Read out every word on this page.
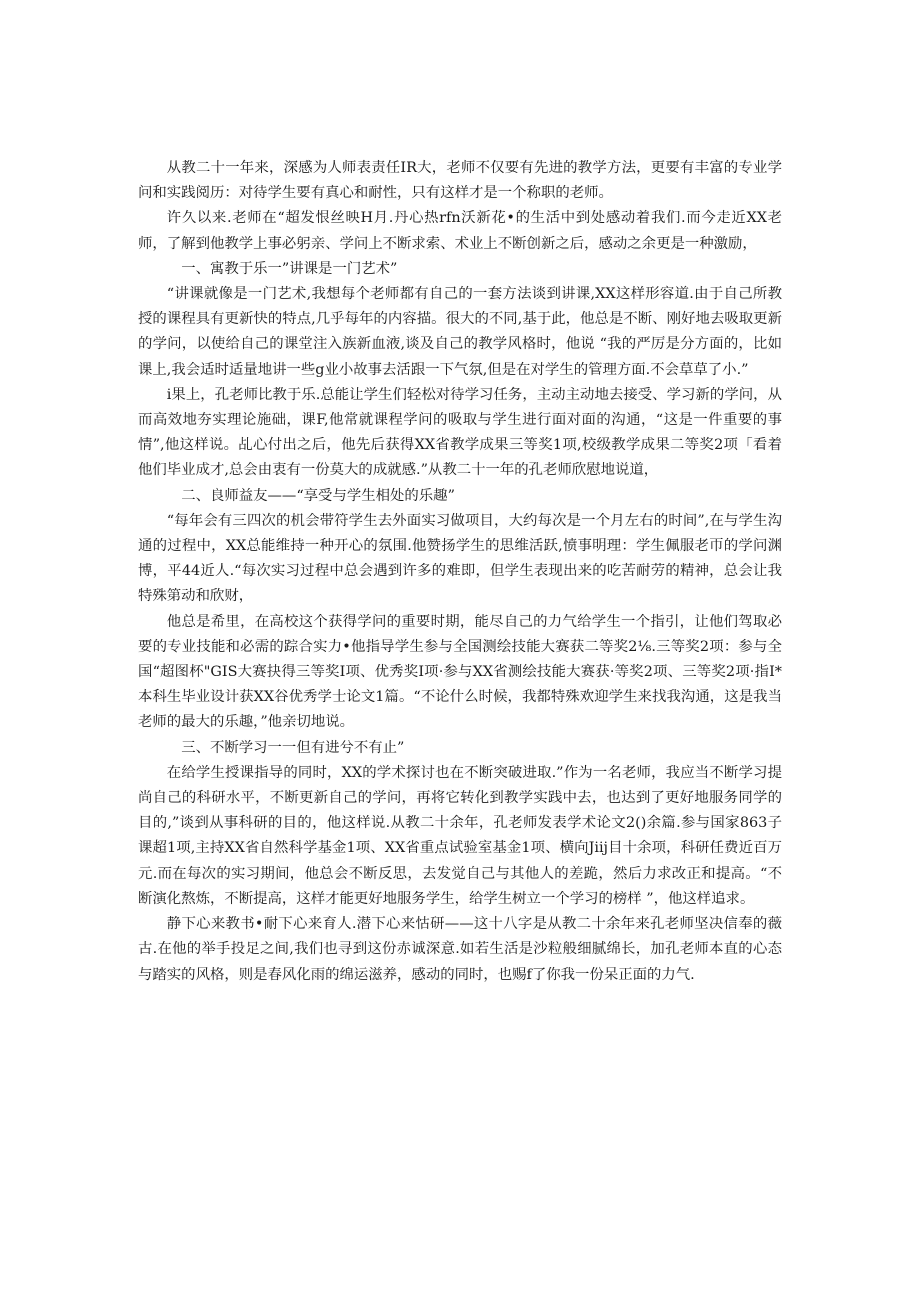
从教二十一年来，深感为人师表责任IR大，老师不仅要有先进的教学方法，更要有丰富的专业学问和实践阅历：对待学生要有真心和耐性，只有这样才是一个称职的老师。

许久以来.老师在“超发恨丝映H月.丹心热rfn沃新花•的生活中到处感动着我们.而今走近XX老师，了解到他教学上事必躬亲、学问上不断求索、术业上不断创新之后，感动之余更是一种激励，

一、寓教于乐一”讲课是一门艺术”

“讲课就像是一门艺术,我想每个老师都有自己的一套方法谈到讲课,XX这样形容道.由于自己所教授的课程具有更新快的特点,几乎每年的内容描。很大的不同,基于此，他总是不断、刚好地去吸取更新的学问，以使给自己的课堂注入族新血液,谈及自己的教学风格时，他说 “我的严厉是分方面的，比如课上,我会适时适量地讲一些g业小故事去活跟一下气氛,但是在对学生的管理方面.不会草草了小.”

i果上，孔老师比教于乐.总能让学生们轻松对待学习任务，主动主动地去接受、学习新的学问，从而高效地夯实理论施础，课F,他常就课程学问的吸取与学生进行面对面的沟通，“这是一件重要的事情”,他这样说。乩心付出之后，他先后获得XX省教学成果三等奖1项,校级教学成果二等奖2项「看着他们毕业成才,总会由衷有一份莫大的成就感.”从教二十一年的孔老师欣慰地说道，

二、良师益友——“享受与学生相处的乐趣”

“每年会有三四次的机会带符学生去外面实习做项目，大约每次是一个月左右的时间”,在与学生沟通的过程中，XX总能维持一种开心的氛围.他赞扬学生的思维活跃,愤事明理：学生佩服老帀的学问渊博，平44近人.“每次实习过程中总会遇到许多的难即，但学生表现出来的吃苦耐劳的精神，总会让我特殊第动和欣财，

他总是希里，在高校这个获得学问的重要时期，能尽自己的力气给学生一个指引，让他们驾取必要的专业技能和必需的踪合实力•他指导学生参与全国测绘技能大赛获二等奖2⅛.三等奖2项：参与全国“超图杯"GIS大赛抉得三等奖I项、优秀奖I项·参与XX省测绘技能大赛获·等奖2项、三等奖2项·指I*本科生毕业设计获XX谷优秀学士论文1篇。“不论什么时候，我都特殊欢迎学生来找我沟通，这是我当老师的最大的乐趣，”他亲切地说。

三、不断学习一一但有进兮不有止”

在给学生授课指导的同时，XX的学术探讨也在不断突破进取.”作为一名老师，我应当不断学习提尚自己的科研水平，不断更新自己的学问，再将它转化到教学实践中去，也达到了更好地服务同学的目的,”谈到从事科研的目的，他这样说.从教二十余年，孔老师发表学术论文2()余篇.参与国家863子课超1项,主持XX省自然科学基金1项、XX省重点试验室基金1项、横向Jiij目十余项，科研任费近百万元.而在每次的实习期间，他总会不断反思，去发觉自己与其他人的差跪，然后力求改正和提高。“不断演化熬炼，不断提高，这样才能更好地服务学生，给学生树立一个学习的榜样 ”，他这样追求。

静下心来教书•耐下心来育人.潜下心来怙研——这十八字是从教二十余年来孔老师坚决信奉的薇古.在他的举手投足之间,我们也寻到这份赤诚深意.如若生活是沙粒般细腻绵长，加孔老师本直的心态与踏实的风格，则是春风化雨的绵运滋养，感动的同时，也赐f了你我一份呆正面的力气.
